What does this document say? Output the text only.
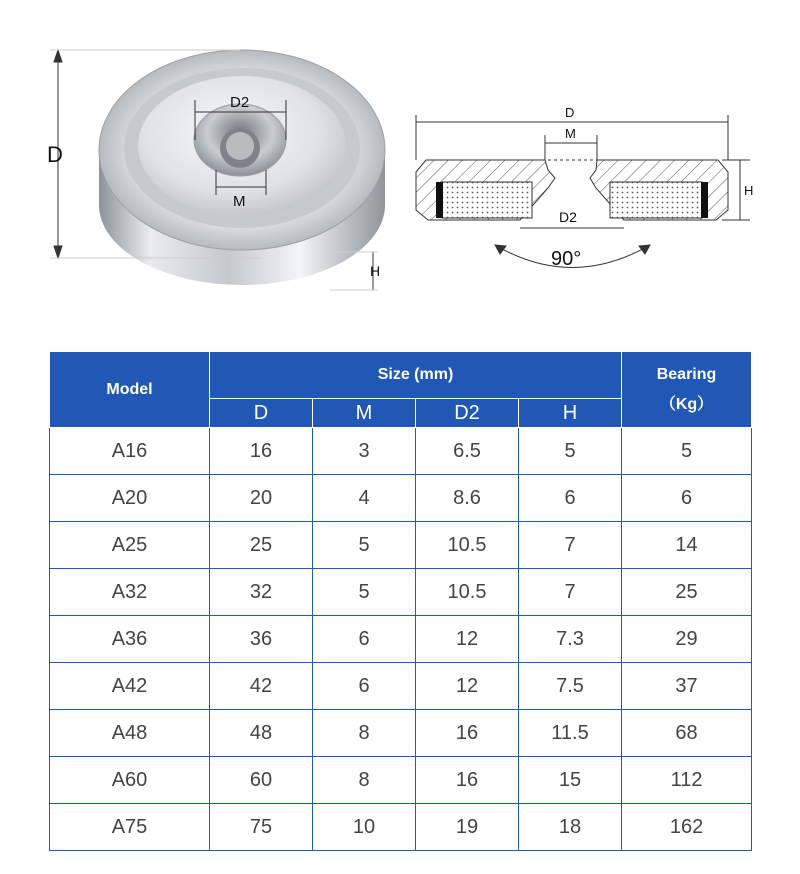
D
D2
M
H
D
M
D2
H
90°
Model	Size (mm)				Bearing
（Kg）

	D	M	D2	H	
A16	16	3	6.5	5	5
A20	20	4	8.6	6	6
A25	25	5	10.5	7	14
A32	32	5	10.5	7	25
A36	36	6	12	7.3	29
A42	42	6	12	7.5	37
A48	48	8	16	11.5	68
A60	60	8	16	15	112
A75	75	10	19	18	162
